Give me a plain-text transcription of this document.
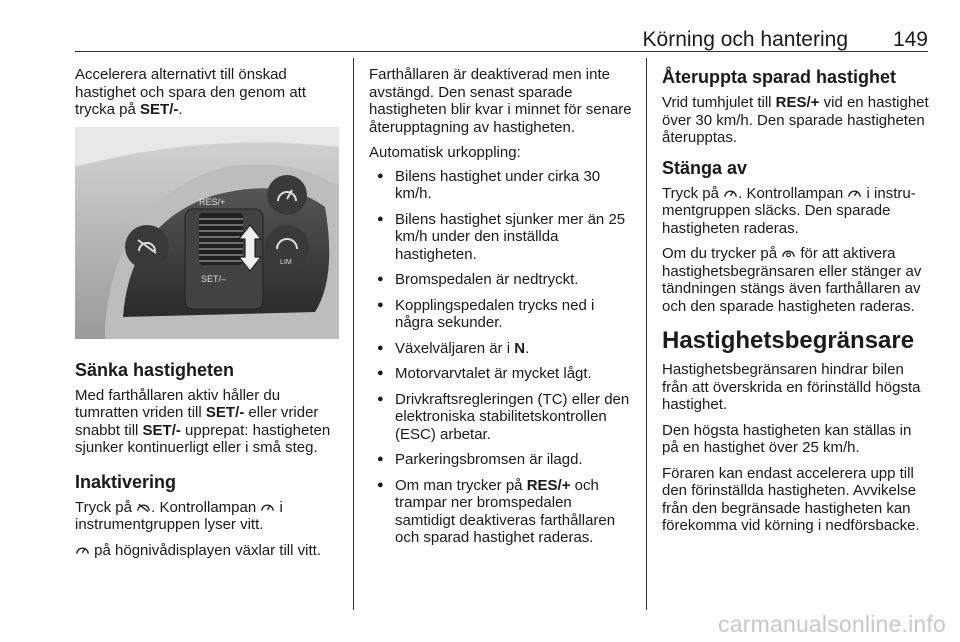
Körning och hantering 149

Accelerera alternativt till önskad hastighet och spara den genom att trycka på SET/-.

RES/+
SET/–
LIM
Sänka hastigheten

Med farthållaren aktiv håller du tumratten vriden till SET/- eller vrider snabbt till SET/- upprepat: hastigheten sjunker kontinuerligt eller i små steg.

Inaktivering

Tryck på . Kontrollampan  i instrumentgruppen lyser vitt.

på högnivådisplayen växlar till vitt.

Farthållaren är deaktiverad men inte avstängd. Den senast sparade hastigheten blir kvar i minnet för senare återupptagning av hastigheten.

Automatisk urkoppling:

● Bilens hastighet under cirka 30 km/h.
● Bilens hastighet sjunker mer än 25 km/h under den inställda hastigheten.
● Bromspedalen är nedtryckt.
● Kopplingspedalen trycks ned i några sekunder.
● Växelväljaren är i N.
● Motorvarvtalet är mycket lågt.
● Drivkraftsregleringen (TC) eller den elektroniska stabilitetskontrollen (ESC) arbetar.
● Parkeringsbromsen är ilagd.
● Om man trycker på RES/+ och trampar ner bromspedalen samtidigt deaktiveras farthållaren och sparad hastighet raderas.
Återuppta sparad hastighet

Vrid tumhjulet till RES/+ vid en hastighet över 30 km/h. Den sparade hastigheten återupptas.

Stänga av

Tryck på . Kontrollampan  i instrumentgruppen släcks. Den sparade hastigheten raderas.

Om du trycker på  för att aktivera hastighetsbegränsaren eller stänger av tändningen stängs även farthållaren av och den sparade hastigheten raderas.

Hastighetsbegränsare

Hastighetsbegränsaren hindrar bilen från att överskrida en förinställd högsta hastighet.

Den högsta hastigheten kan ställas in på en hastighet över 25 km/h.

Föraren kan endast accelerera upp till den förinställda hastigheten. Avvikelse från den begränsade hastigheten kan förekomma vid körning i nedförsbacke.

carmanualsonline.info
